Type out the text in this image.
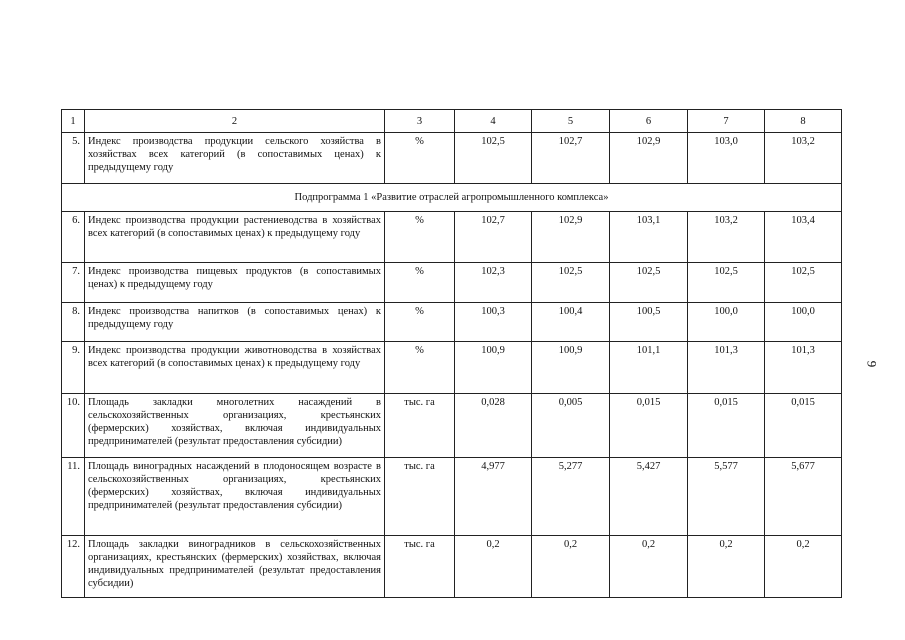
1	2	3	4	5	6	7	8
5.	Индекс производства продукции сельского хозяйства в хозяйствах всех категорий (в сопоставимых ценах) к предыдущему году	%	102,5	102,7	102,9	103,0	103,2
Подпрограмма 1 «Развитие отраслей агропромышленного комплекса»							
6.	Индекс производства продукции растениеводства в хозяйствах всех категорий (в сопоставимых ценах) к предыдущему году	%	102,7	102,9	103,1	103,2	103,4
7.	Индекс производства пищевых продуктов (в сопоставимых ценах) к предыдущему году	%	102,3	102,5	102,5	102,5	102,5
8.	Индекс производства напитков (в сопоставимых ценах) к предыдущему году	%	100,3	100,4	100,5	100,0	100,0
9.	Индекс производства продукции животноводства в хозяйствах всех категорий (в сопоставимых ценах) к предыдущему году	%	100,9	100,9	101,1	101,3	101,3
10.	Площадь закладки многолетних насаждений в сельскохозяйственных организациях, крестьянских (фермерских) хозяйствах, включая индивидуальных предпринимателей (результат предоставления субсидии)	тыс. га	0,028	0,005	0,015	0,015	0,015
11.	Площадь виноградных насаждений в плодоносящем возрасте в сельскохозяйственных организациях, крестьянских (фермерских) хозяйствах, включая индивидуальных предпринимателей (результат предоставления субсидии)	тыс. га	4,977	5,277	5,427	5,577	5,677
12.	Площадь закладки виноградников в сельскохозяйственных организациях, крестьянских (фермерских) хозяйствах, включая индивидуальных предпринимателей (результат предоставления субсидии)	тыс. га	0,2	0,2	0,2	0,2	0,2
9
